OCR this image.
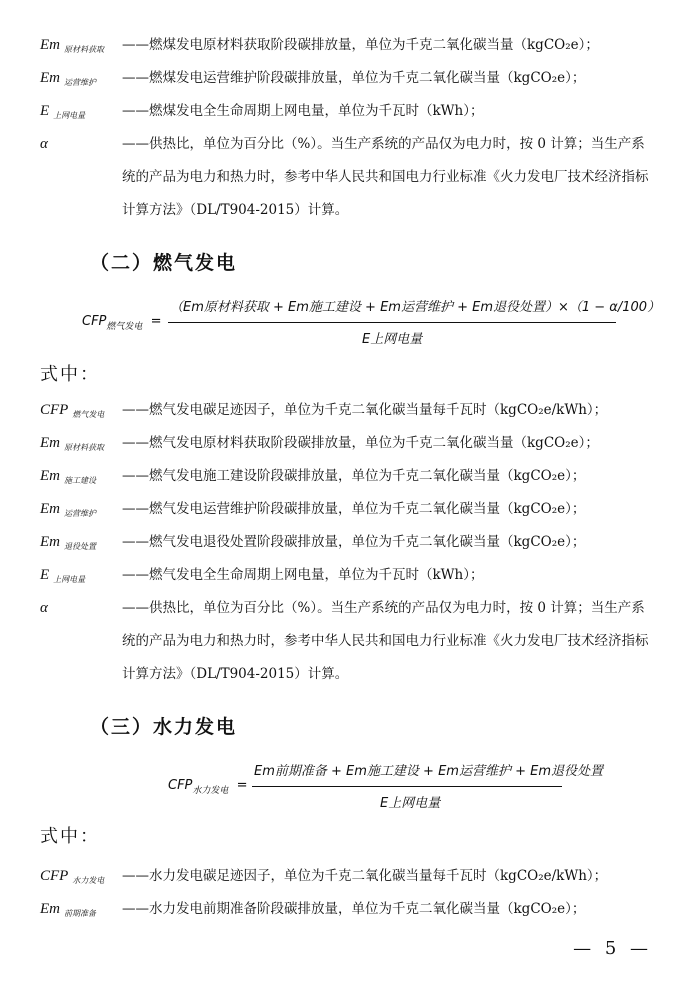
Em $_{原材料获取}$ ——燃煤发电原材料获取阶段碳排放量，单位为千克二氧化碳当量（kgCO₂e）；
Em $_{运营维护}$ ——燃煤发电运营维护阶段碳排放量，单位为千克二氧化碳当量（kgCO₂e）；
E $_{上网电量}$	——燃煤发电全生命周期上网电量，单位为千瓦时（kWh）；
α	——供热比，单位为百分比（%）。当生产系统的产品仅为电力时，按 0 计算；当生产系统的产品为电力和热力时，参考中华人民共和国电力行业标准《火力发电厂技术经济指标计算方法》（DL/T904-2015）计算。
（二）燃气发电
$CFP_{燃气发电}$ =
（Em原材料获取 + Em施工建设 + Em运营维护 + Em退役处置）×（1 − α/100）
E上网电量
式中：
CFP $_{燃气发电}$ ——燃气发电碳足迹因子，单位为千克二氧化碳当量每千瓦时（kgCO₂e/kWh）；
Em $_{原材料获取}$ ——燃气发电原材料获取阶段碳排放量，单位为千克二氧化碳当量（kgCO₂e）；
Em $_{施工建设}$ ——燃气发电施工建设阶段碳排放量，单位为千克二氧化碳当量（kgCO₂e）；
Em $_{运营维护}$ ——燃气发电运营维护阶段碳排放量，单位为千克二氧化碳当量（kgCO₂e）；
Em $_{退役处置}$ ——燃气发电退役处置阶段碳排放量，单位为千克二氧化碳当量（kgCO₂e）；
E $_{上网电量}$	——燃气发电全生命周期上网电量，单位为千瓦时（kWh）；
α	——供热比，单位为百分比（%）。当生产系统的产品仅为电力时，按 0 计算；当生产系统的产品为电力和热力时，参考中华人民共和国电力行业标准《火力发电厂技术经济指标计算方法》（DL/T904-2015）计算。
（三）水力发电
$CFP_{水力发电}$ =
Em前期准备 + Em施工建设 + Em运营维护 + Em退役处置
E上网电量
式中：
CFP $_{水力发电}$ ——水力发电碳足迹因子，单位为千克二氧化碳当量每千瓦时（kgCO₂e/kWh）；
Em $_{前期准备}$ ——水力发电前期准备阶段碳排放量，单位为千克二氧化碳当量（kgCO₂e）；
— 5 —
